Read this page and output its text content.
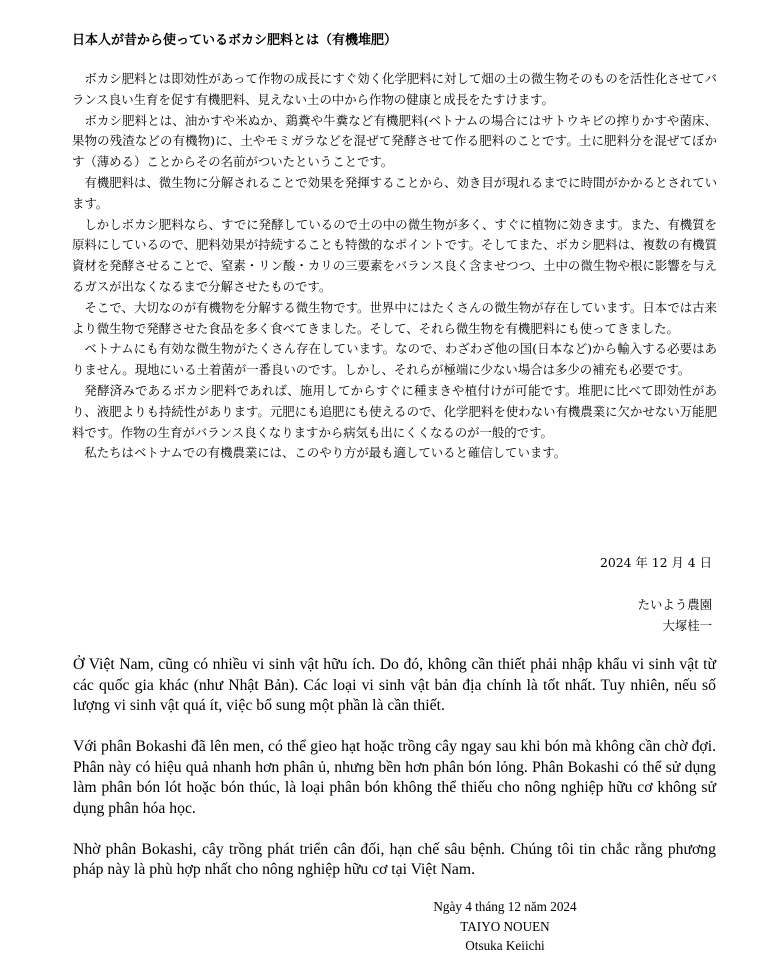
日本人が昔から使っているボカシ肥料とは（有機堆肥）

ボカシ肥料とは即効性があって作物の成長にすぐ効く化学肥料に対して畑の土の微生物そのものを活性化させてバランス良い生育を促す有機肥料、見えない土の中から作物の健康と成長をたすけます。

ボカシ肥料とは、油かすや米ぬか、鶏糞や牛糞など有機肥料(ベトナムの場合にはサトウキビの搾りかすや菌床、果物の残渣などの有機物)に、土やモミガラなどを混ぜて発酵させて作る肥料のことです。土に肥料分を混ぜてぼかす（薄める）ことからその名前がついたということです。

有機肥料は、微生物に分解されることで効果を発揮することから、効き目が現れるまでに時間がかかるとされています。

しかしボカシ肥料なら、すでに発酵しているので土の中の微生物が多く、すぐに植物に効きます。また、有機質を原料にしているので、肥料効果が持続することも特徴的なポイントです。そしてまた、ボカシ肥料は、複数の有機質資材を発酵させることで、窒素・リン酸・カリの三要素をバランス良く含ませつつ、土中の微生物や根に影響を与えるガスが出なくなるまで分解させたものです。

そこで、大切なのが有機物を分解する微生物です。世界中にはたくさんの微生物が存在しています。日本では古来より微生物で発酵させた食品を多く食べてきました。そして、それら微生物を有機肥料にも使ってきました。

ベトナムにも有効な微生物がたくさん存在しています。なので、わざわざ他の国(日本など)から輸入する必要はありません。現地にいる土着菌が一番良いのです。しかし、それらが極端に少ない場合は多少の補充も必要です。

発酵済みであるボカシ肥料であれば、施用してからすぐに種まきや植付けが可能です。堆肥に比べて即効性があり、液肥よりも持続性があります。元肥にも追肥にも使えるので、化学肥料を使わない有機農業に欠かせない万能肥料です。作物の生育がバランス良くなりますから病気も出にくくなるのが一般的です。

私たちはベトナムでの有機農業には、このやり方が最も適していると確信しています。

2024 年 12 月 4 日
たいよう農園
大塚桂一

Ở Việt Nam, cũng có nhiều vi sinh vật hữu ích. Do đó, không cần thiết phải nhập khẩu vi sinh vật từ các quốc gia khác (như Nhật Bản). Các loại vi sinh vật bản địa chính là tốt nhất. Tuy nhiên, nếu số lượng vi sinh vật quá ít, việc bổ sung một phần là cần thiết.

Với phân Bokashi đã lên men, có thể gieo hạt hoặc trồng cây ngay sau khi bón mà không cần chờ đợi. Phân này có hiệu quả nhanh hơn phân ủ, nhưng bền hơn phân bón lỏng. Phân Bokashi có thể sử dụng làm phân bón lót hoặc bón thúc, là loại phân bón không thể thiếu cho nông nghiệp hữu cơ không sử dụng phân hóa học.

Nhờ phân Bokashi, cây trồng phát triển cân đối, hạn chế sâu bệnh. Chúng tôi tin chắc rằng phương pháp này là phù hợp nhất cho nông nghiệp hữu cơ tại Việt Nam.

Ngày 4 tháng 12 năm 2024
TAIYO NOUEN
Otsuka Keiichi
